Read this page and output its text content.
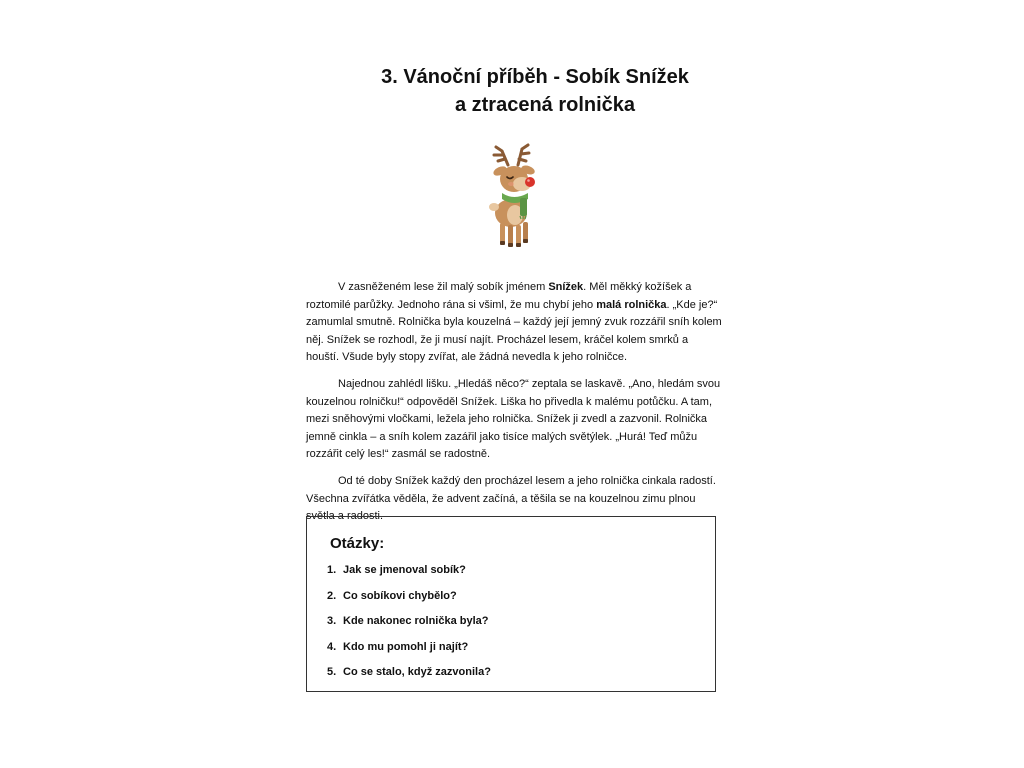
3. Vánoční příběh - Sobík Snížek
a ztracená rolnička

V zasněženém lese žil malý sobík jménem Snížek. Měl měkký kožíšek a roztomilé parůžky. Jednoho rána si všiml, že mu chybí jeho malá rolnička. „Kde je?“ zamumlal smutně. Rolnička byla kouzelná – každý její jemný zvuk rozzářil sníh kolem něj. Snížek se rozhodl, že ji musí najít. Procházel lesem, kráčel kolem smrků a houští. Všude byly stopy zvířat, ale žádná nevedla k jeho rolničce.

Najednou zahlédl lišku. „Hledáš něco?“ zeptala se laskavě. „Ano, hledám svou kouzelnou rolničku!“ odpověděl Snížek. Liška ho přivedla k malému potůčku. A tam, mezi sněhovými vločkami, ležela jeho rolnička. Snížek ji zvedl a zazvonil. Rolnička jemně cinkla – a sníh kolem zazářil jako tisíce malých světýlek. „Hurá! Teď můžu rozzářit celý les!“ zasmál se radostně.

Od té doby Snížek každý den procházel lesem a jeho rolnička cinkala radostí. Všechna zvířátka věděla, že advent začíná, a těšila se na kouzelnou zimu plnou světla a radosti.

Otázky:
1. Jak se jmenoval sobík?
2. Co sobíkovi chybělo?
3. Kde nakonec rolnička byla?
4. Kdo mu pomohl ji najít?
5. Co se stalo, když zazvonila?
